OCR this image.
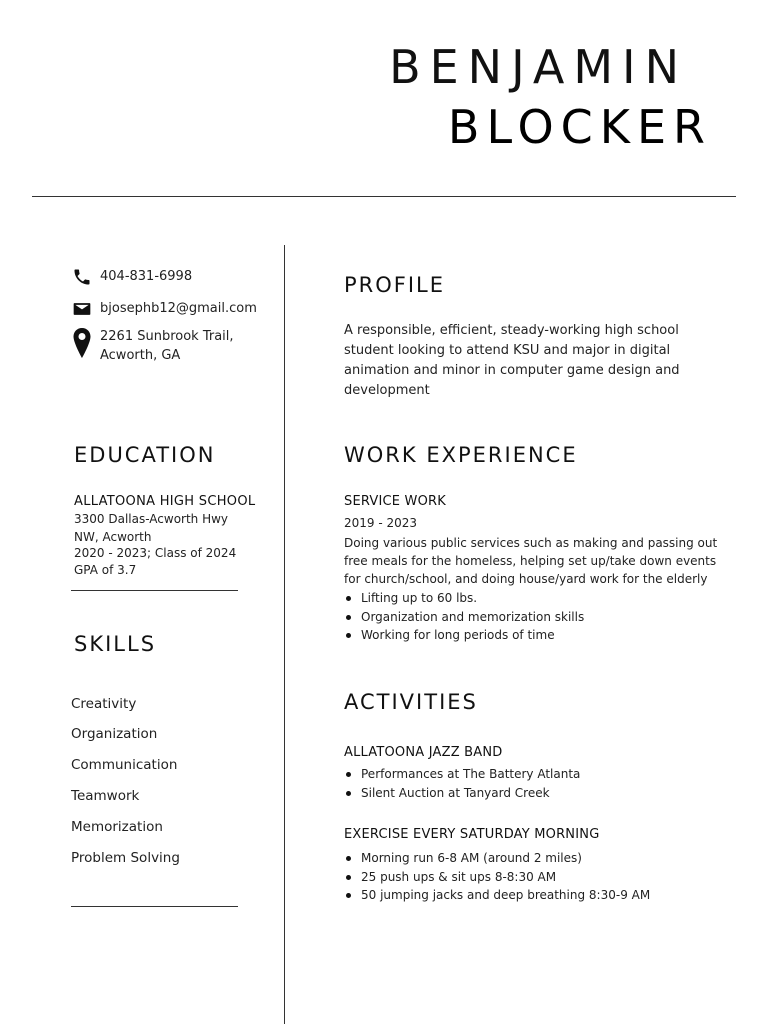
BENJAMIN
BLOCKER
404-831-6998
bjosephb12@gmail.com
2261 Sunbrook Trail,
Acworth, GA
EDUCATION
ALLATOONA HIGH SCHOOL
3300 Dallas-Acworth Hwy
NW, Acworth
2020 - 2023; Class of 2024
GPA of 3.7
SKILLS
Creativity
Organization
Communication
Teamwork
Memorization
Problem Solving
PROFILE
A responsible, efficient, steady-working high school student looking to attend KSU and major in digital animation and minor in computer game design and development
WORK EXPERIENCE
SERVICE WORK
2019 - 2023
Doing various public services such as making and passing out free meals for the homeless, helping set up/take down events for church/school, and doing house/yard work for the elderly
Lifting up to 60 lbs.
Organization and memorization skills
Working for long periods of time
ACTIVITIES
ALLATOONA JAZZ BAND
Performances at The Battery Atlanta
Silent Auction at Tanyard Creek
EXERCISE EVERY SATURDAY MORNING
Morning run 6-8 AM (around 2 miles)
25 push ups & sit ups 8-8:30 AM
50 jumping jacks and deep breathing 8:30-9 AM
